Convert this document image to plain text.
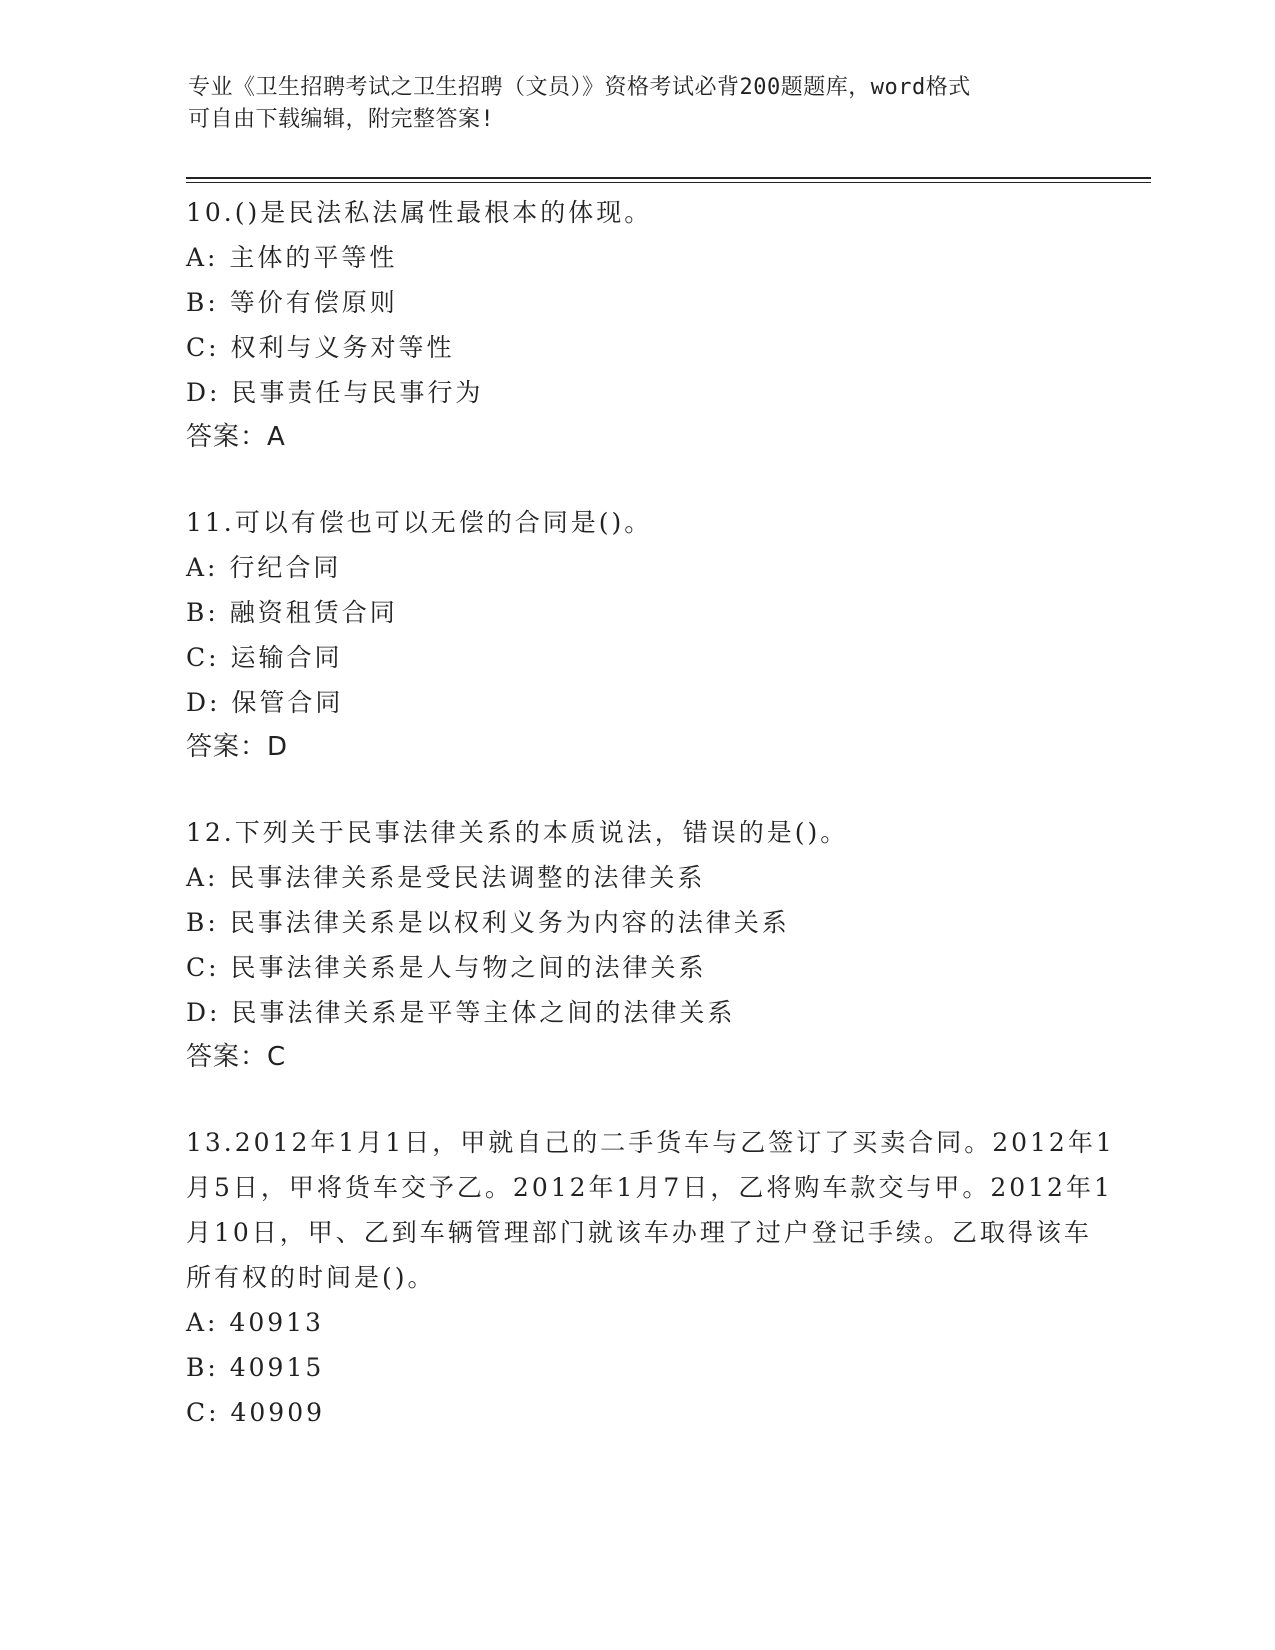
专业《卫生招聘考试之卫生招聘（文员）》资格考试必背200题题库，word格式
可自由下载编辑，附完整答案!
10.()是民法私法属性最根本的体现。
A: 主体的平等性
B: 等价有偿原则
C: 权利与义务对等性
D: 民事责任与民事行为
答案：A
11.可以有偿也可以无偿的合同是()。
A: 行纪合同
B: 融资租赁合同
C: 运输合同
D: 保管合同
答案：D
12.下列关于民事法律关系的本质说法，错误的是()。
A: 民事法律关系是受民法调整的法律关系
B: 民事法律关系是以权利义务为内容的法律关系
C: 民事法律关系是人与物之间的法律关系
D: 民事法律关系是平等主体之间的法律关系
答案：C
13.2012年1月1日，甲就自己的二手货车与乙签订了买卖合同。2012年1月5日，甲将货车交予乙。2012年1月7日，乙将购车款交与甲。2012年1月10日，甲、乙到车辆管理部门就该车办理了过户登记手续。乙取得该车所有权的时间是()。
A: 40913
B: 40915
C: 40909
